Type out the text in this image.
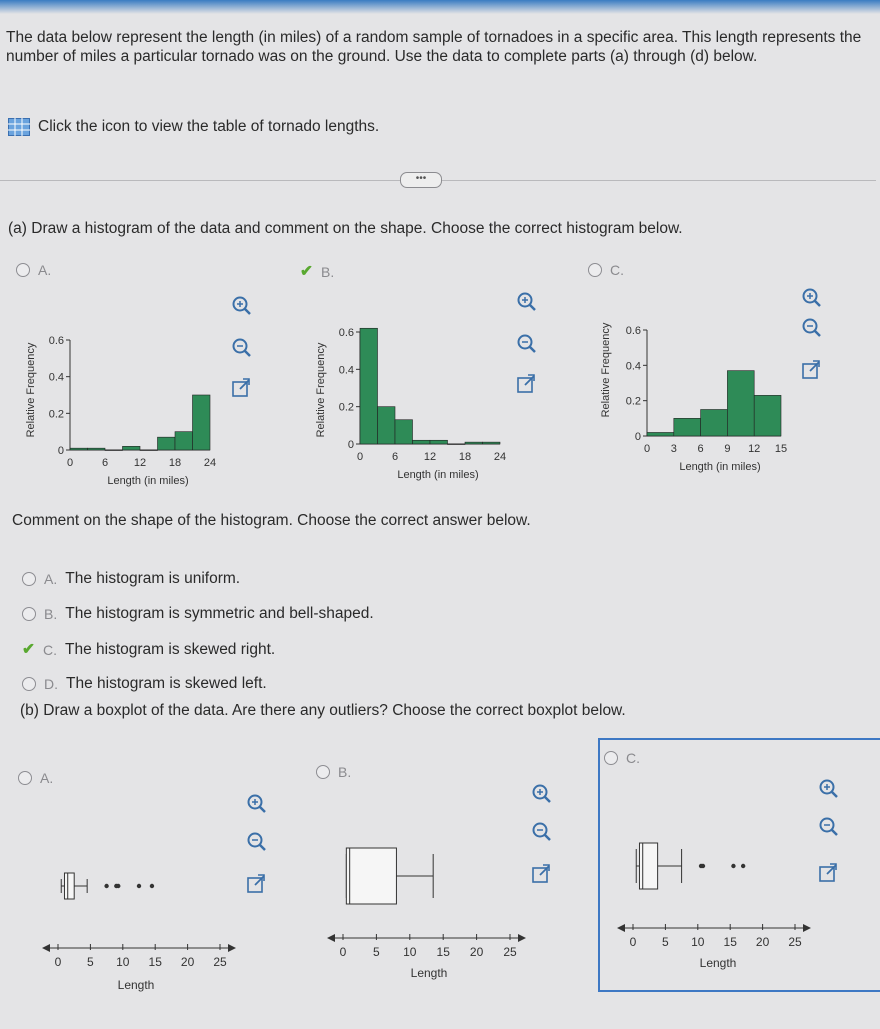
The data below represent the length (in miles) of a random sample of tornadoes in a specific area. This length represents the number of miles a particular tornado was on the ground. Use the data to complete parts (a) through (d) below.
Click the icon to view the table of tornado lengths.
•••
(a) Draw a histogram of the data and comment on the shape. Choose the correct histogram below.
A.	✔ B.	C.
Relative Frequency
0.6
0.4
0.2
0
0	6 12 18 24
Length (in miles)
Relative Frequency
0.6
0.4
0.2
0
0	6 12 18 24
Length (in miles)
Relative Frequency 0.6
0.4
0.2
0
0 3 6 9 12 15
Length (in miles)
Comment on the shape of the histogram. Choose the correct answer below.
A. The histogram is uniform.
B. The histogram is symmetric and bell-shaped.
✔ C. The histogram is skewed right.
D. The histogram is skewed left.
(b) Draw a boxplot of the data. Are there any outliers? Choose the correct boxplot below.
A.	B.
C.
0 5 10 15 20 25
Length
0 5 10 15 20 25
Length
0 5 10 15 20 25
Length
